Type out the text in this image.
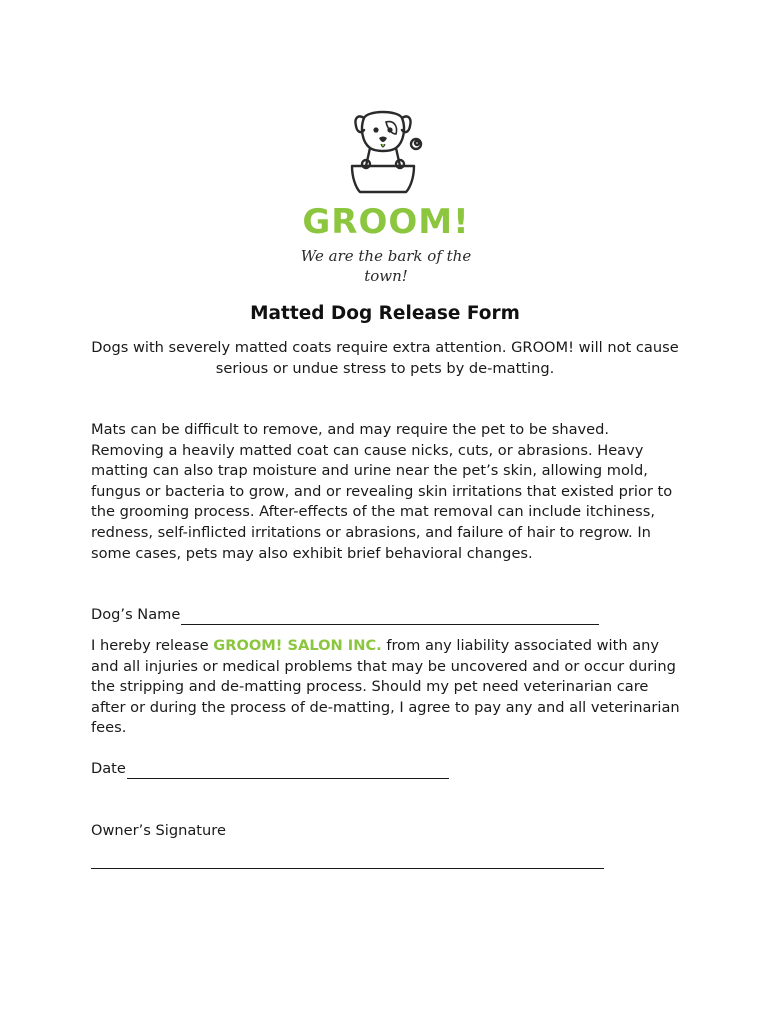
GROOM!
We are the bark of the town!
Matted Dog Release Form
Dogs with severely matted coats require extra attention. GROOM! will not cause serious or undue stress to pets by de-matting.
Mats can be difficult to remove, and may require the pet to be shaved. Removing a heavily matted coat can cause nicks, cuts, or abrasions. Heavy matting can also trap moisture and urine near the pet’s skin, allowing mold, fungus or bacteria to grow, and or revealing skin irritations that existed prior to the grooming process. After-effects of the mat removal can include itchiness, redness, self-inflicted irritations or abrasions, and failure of hair to regrow. In some cases, pets may also exhibit brief behavioral changes.
Dog’s Name
I hereby release GROOM! SALON INC. from any liability associated with any and all injuries or medical problems that may be uncovered and or occur during the stripping and de-matting process. Should my pet need veterinarian care after or during the process of de-matting, I agree to pay any and all veterinarian fees.
Date
Owner’s Signature
